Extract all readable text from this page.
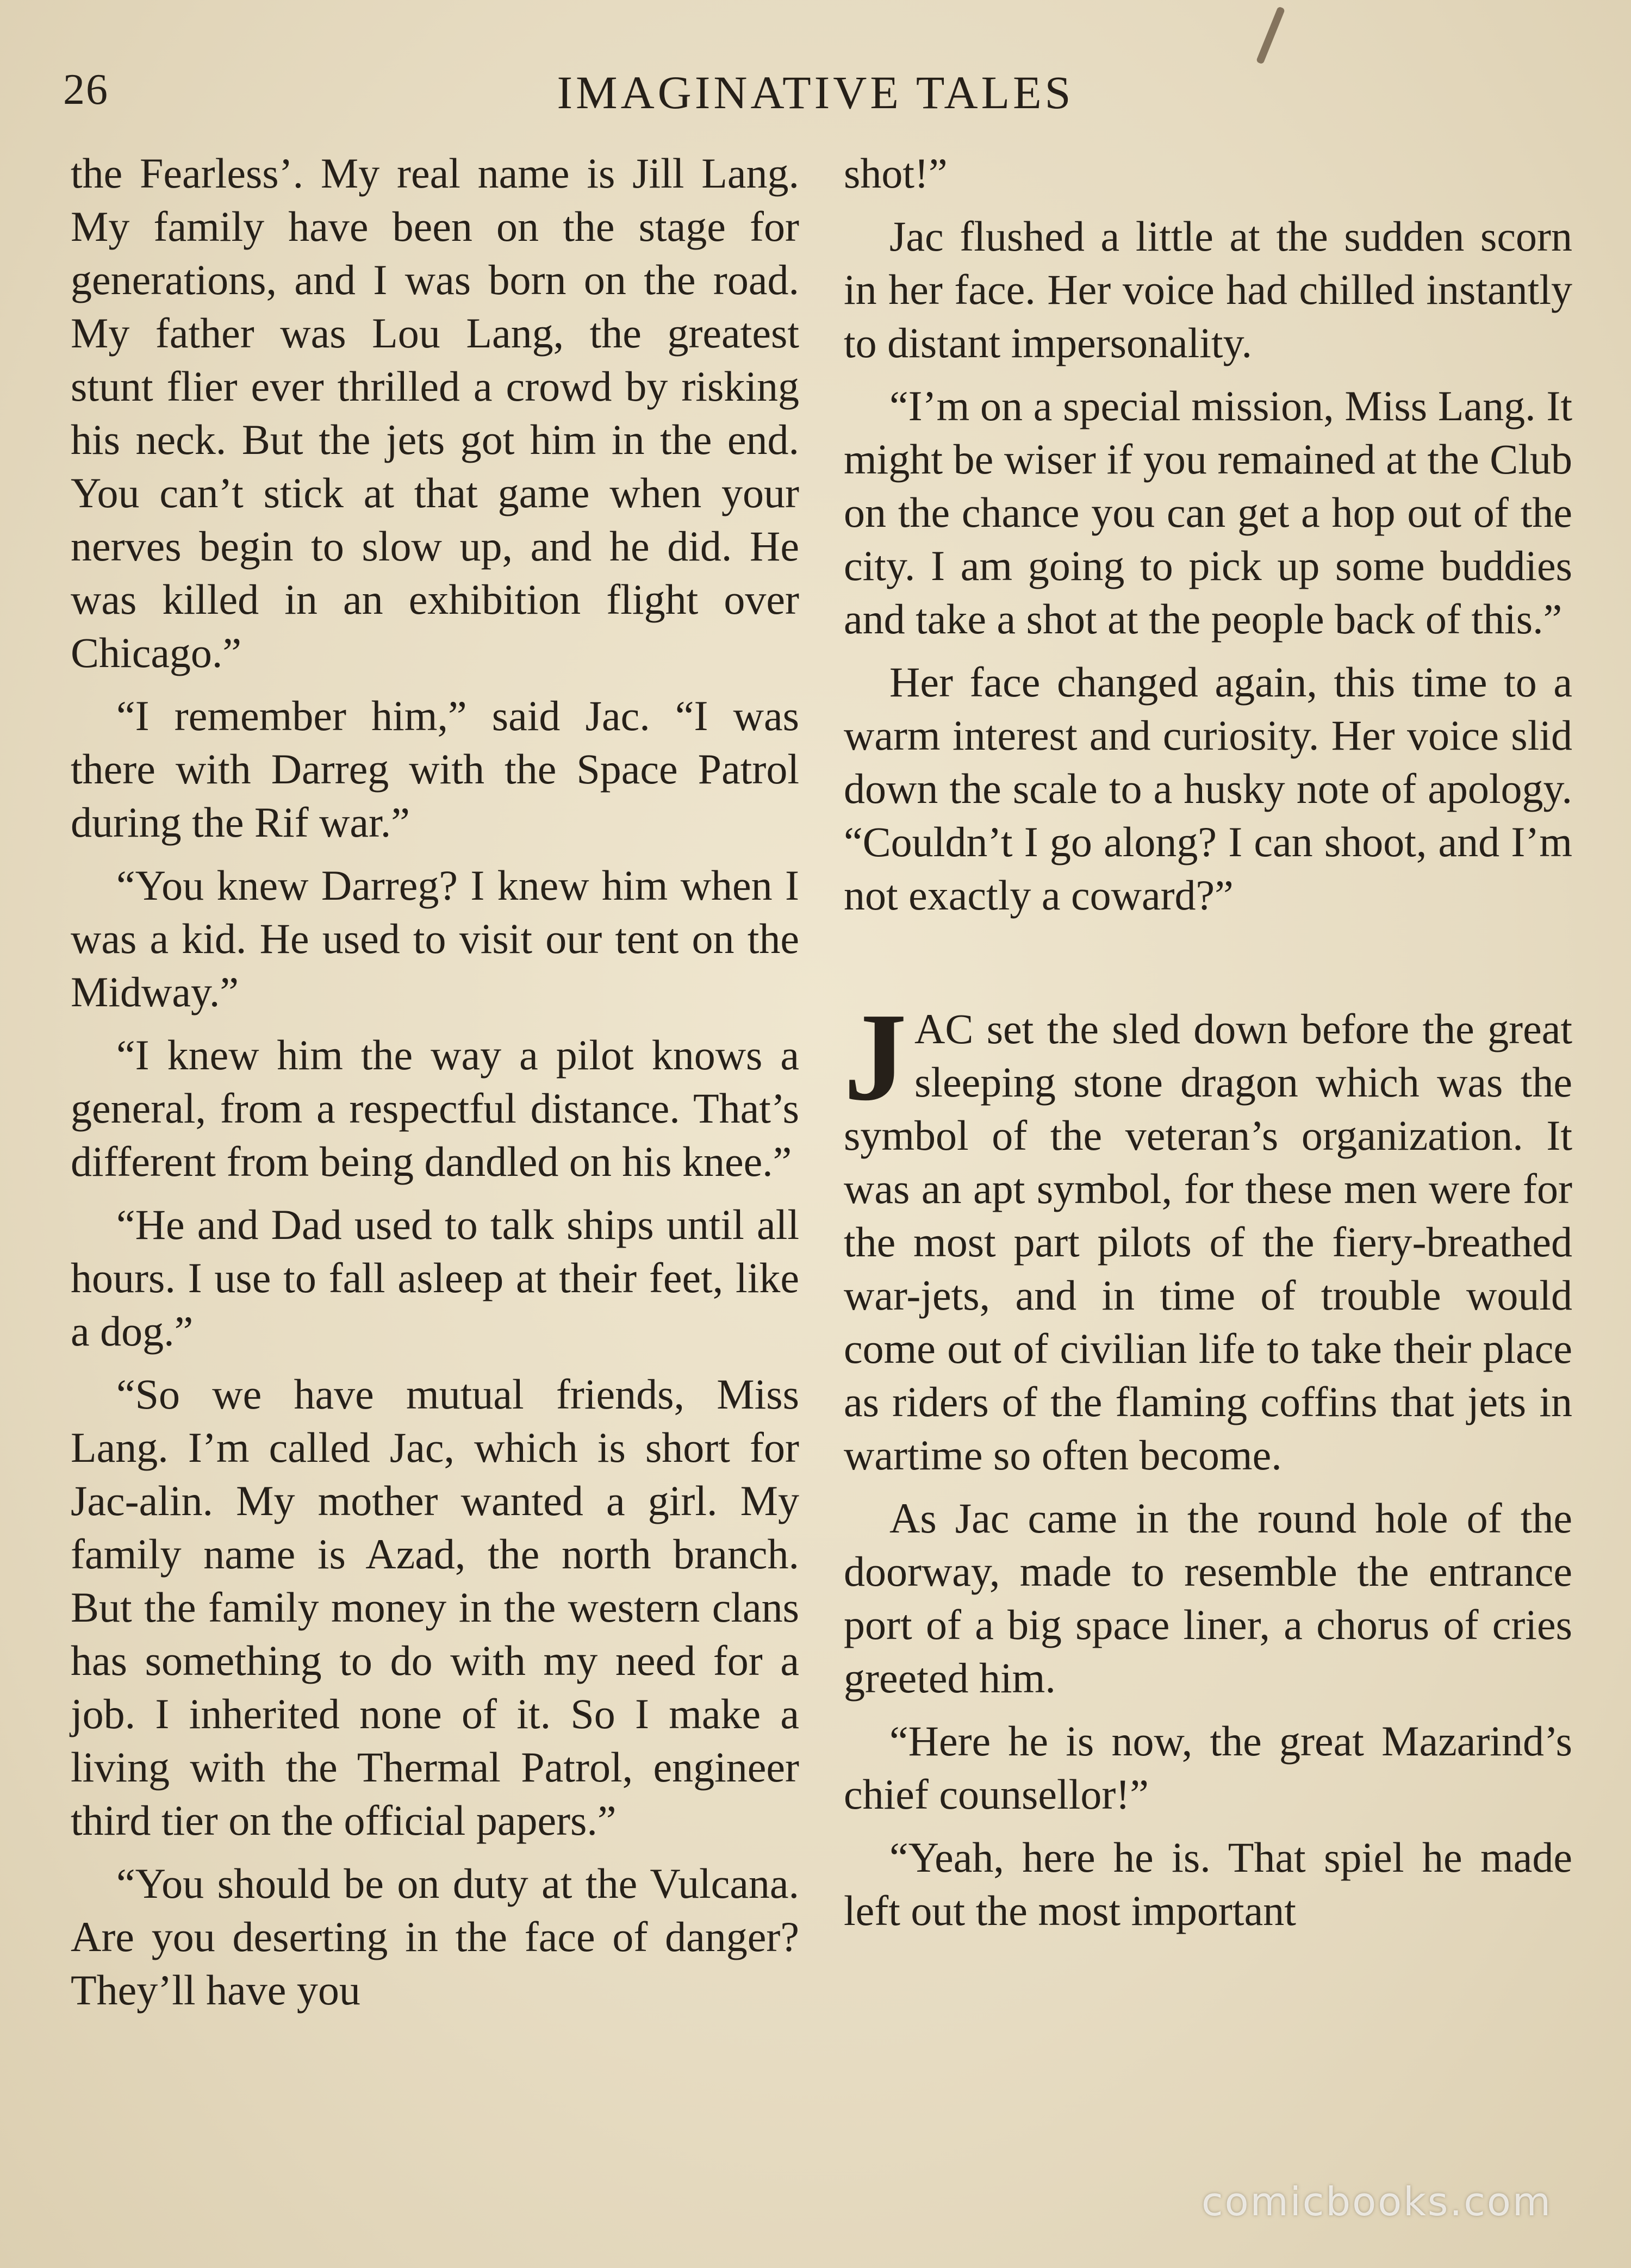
26	IMAGINATIVE TALES

the Fearless’. My real name is Jill Lang. My family have been on the stage for generations, and I was born on the road. My father was Lou Lang, the greatest stunt flier ever thrilled a crowd by risking his neck. But the jets got him in the end. You can’t stick at that game when your nerves begin to slow up, and he did. He was killed in an exhibition flight over Chicago.”

“I remember him,” said Jac. “I was there with Darreg with the Space Patrol during the Rif war.”

“You knew Darreg? I knew him when I was a kid. He used to visit our tent on the Midway.”

“I knew him the way a pilot knows a general, from a respectful distance. That’s different from being dandled on his knee.”

“He and Dad used to talk ships until all hours. I use to fall asleep at their feet, like a dog.”

“So we have mutual friends, Miss Lang. I’m called Jac, which is short for Jac-alin. My mother wanted a girl. My family name is Azad, the north branch. But the family money in the western clans has something to do with my need for a job. I inherited none of it. So I make a living with the Thermal Patrol, engineer third tier on the official papers.”

“You should be on duty at the Vulcana. Are you deserting in the face of danger? They’ll have you

shot!”

Jac flushed a little at the sudden scorn in her face. Her voice had chilled instantly to distant impersonality.

“I’m on a special mission, Miss Lang. It might be wiser if you remained at the Club on the chance you can get a hop out of the city. I am going to pick up some buddies and take a shot at the people back of this.”

Her face changed again, this time to a warm interest and curiosity. Her voice slid down the scale to a husky note of apology. “Couldn’t I go along? I can shoot, and I’m not exactly a coward?”

JAC set the sled down before the great sleeping stone dragon which was the symbol of the veteran’s organization. It was an apt symbol, for these men were for the most part pilots of the fiery-breathed war-jets, and in time of trouble would come out of civilian life to take their place as riders of the flaming coffins that jets in wartime so often become.

As Jac came in the round hole of the doorway, made to resemble the entrance port of a big space liner, a chorus of cries greeted him.

“Here he is now, the great Mazarind’s chief counsellor!”

“Yeah, here he is. That spiel he made left out the most important

comicbooks.com
